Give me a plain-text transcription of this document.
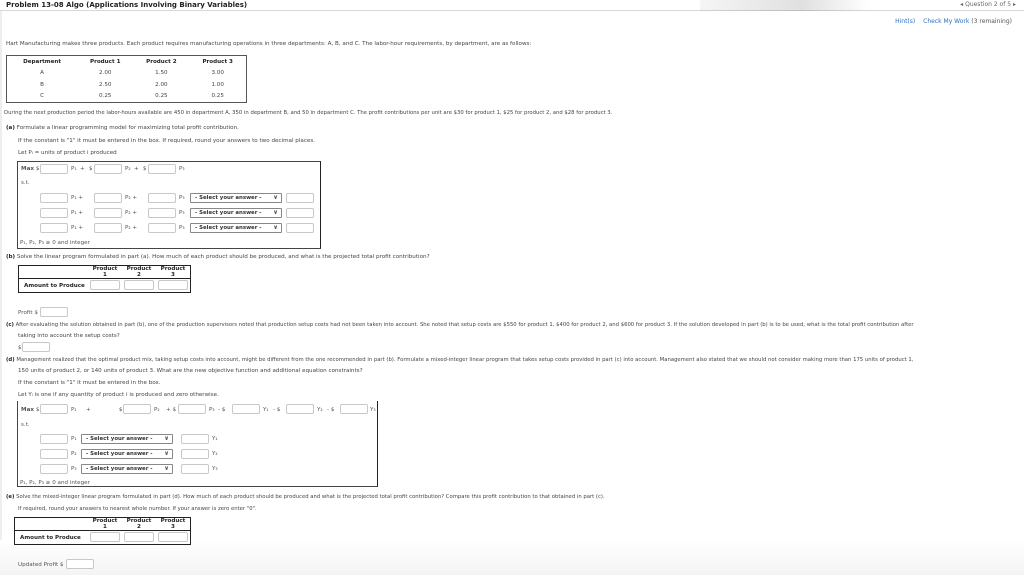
Problem 13-08 Algo (Applications Involving Binary Variables)	◂ Question 2 of 5 ▸
Hint(s) Check My Work (3 remaining)
Hart Manufacturing makes three products. Each product requires manufacturing operations in three departments: A, B, and C. The labor-hour requirements, by department, are as follows:
Department	Product 1	Product 2	Product 3
A	2.00	1.50	3.00
B	2.50	2.00	1.00
C	0.25	0.25	0.25
During the next production period the labor-hours available are 450 in department A, 350 in department B, and 50 in department C. The profit contributions per unit are $30 for product 1, $25 for product 2, and $28 for product 3.
(a) Formulate a linear programming model for maximizing total profit contribution.
If the constant is "1" it must be entered in the box. If required, round your answers to two decimal places.
Let Pᵢ = units of product i produced
Max $	P₁ + $	P₂ + $	P₃
s.t.
P₁ +	P₂ +	P₃	- Select your answer - ∨
P₁ +	P₂ +	P₃	- Select your answer - ∨
P₁ +	P₂ +	P₃	- Select your answer - ∨
P₁, P₂, P₃ ≥ 0 and integer
(b) Solve the linear program formulated in part (a). How much of each product should be produced, and what is the projected total profit contribution?
	Product 1	Product 2	Product 3
Amount to Produce			
Profit $
(c) After evaluating the solution obtained in part (b), one of the production supervisors noted that production setup costs had not been taken into account. She noted that setup costs are $550 for product 1, $400 for product 2, and $600 for product 3. If the solution developed in part (b) is to be used, what is the total profit contribution after
taking into account the setup costs?
$
(d) Management realized that the optimal product mix, taking setup costs into account, might be different from the one recommended in part (b). Formulate a mixed-integer linear program that takes setup costs provided in part (c) into account. Management also stated that we should not consider making more than 175 units of product 1,
150 units of product 2, or 140 units of product 3. What are the new objective function and additional equation constraints?
If the constant is "1" it must be entered in the box.
Let Yᵢ is one if any quantity of product i is produced and zero otherwise.
Max $	P₁ +	$	P₂ + $	P₃ - $	Y₁ - $	Y₂ - $	Y₃
s.t.
P₁	- Select your answer - ∨	Y₁
P₂	- Select your answer - ∨	Y₂
P₃	- Select your answer - ∨	Y₃
P₁, P₂, P₃ ≥ 0 and integer
(e) Solve the mixed-integer linear program formulated in part (d). How much of each product should be produced and what is the projected total profit contribution? Compare this profit contribution to that obtained in part (c).
If required, round your answers to nearest whole number. If your answer is zero enter "0".
	Product 1	Product 2	Product 3
Amount to Produce			
Updated Profit $
